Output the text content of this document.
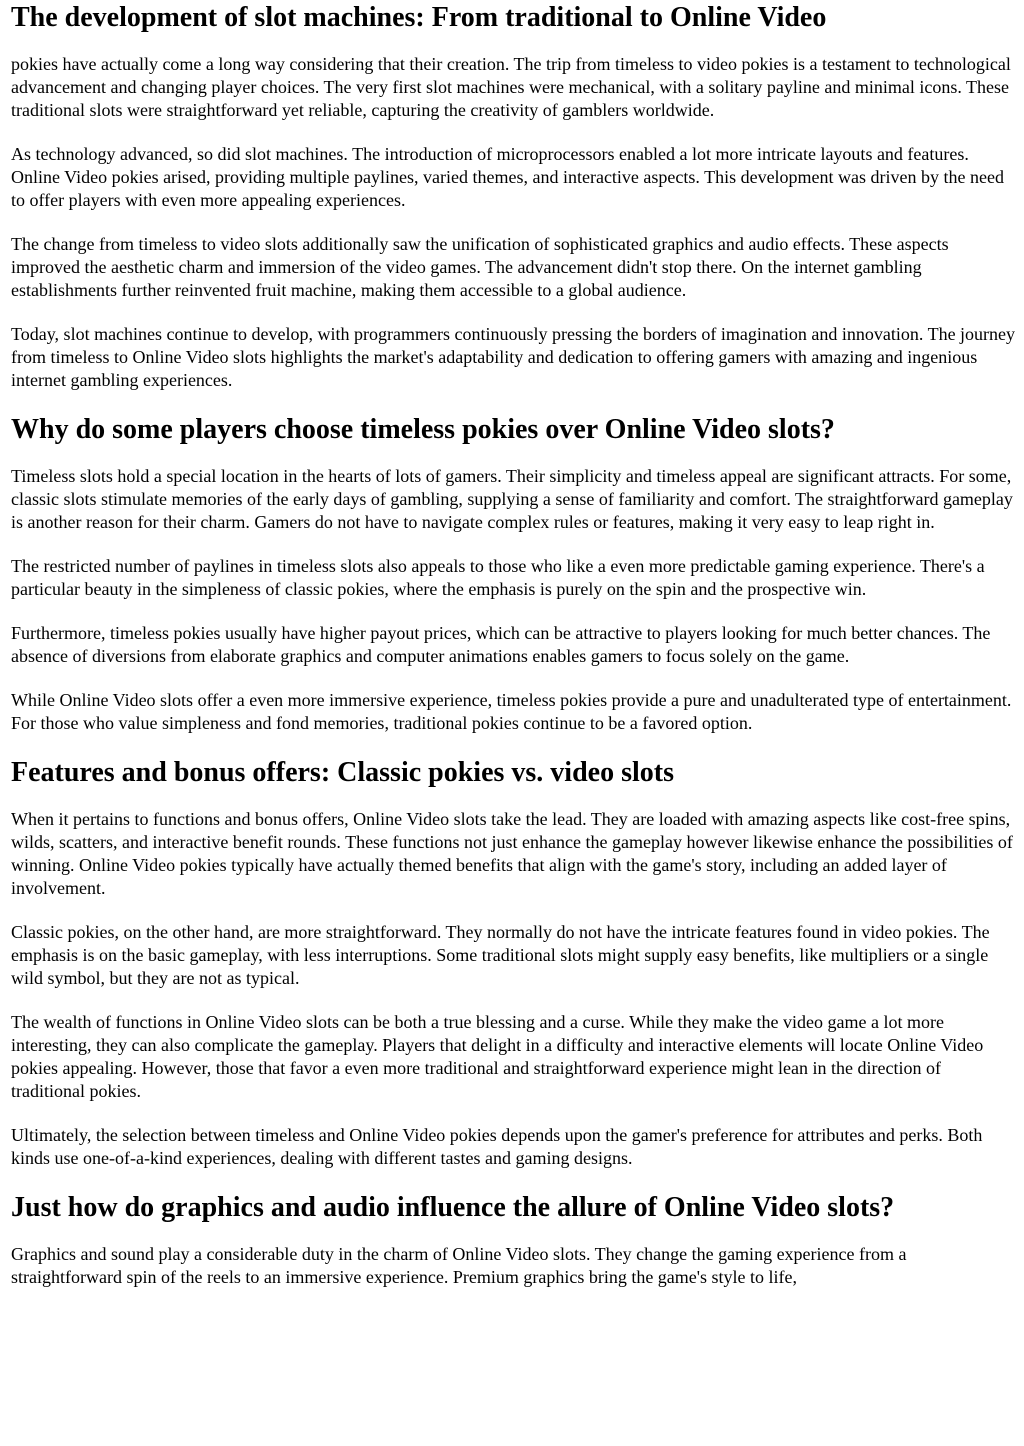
The development of slot machines: From traditional to Online Video

pokies have actually come a long way considering that their creation. The trip from timeless to video pokies is a testament to technological advancement and changing player choices. The very first slot machines were mechanical, with a solitary payline and minimal icons. These traditional slots were straightforward yet reliable, capturing the creativity of gamblers worldwide.

As technology advanced, so did slot machines. The introduction of microprocessors enabled a lot more intricate layouts and features. Online Video pokies arised, providing multiple paylines, varied themes, and interactive aspects. This development was driven by the need to offer players with even more appealing experiences.

The change from timeless to video slots additionally saw the unification of sophisticated graphics and audio effects. These aspects improved the aesthetic charm and immersion of the video games. The advancement didn't stop there. On the internet gambling establishments further reinvented fruit machine, making them accessible to a global audience.

Today, slot machines continue to develop, with programmers continuously pressing the borders of imagination and innovation. The journey from timeless to Online Video slots highlights the market's adaptability and dedication to offering gamers with amazing and ingenious internet gambling experiences.

Why do some players choose timeless pokies over Online Video slots?

Timeless slots hold a special location in the hearts of lots of gamers. Their simplicity and timeless appeal are significant attracts. For some, classic slots stimulate memories of the early days of gambling, supplying a sense of familiarity and comfort. The straightforward gameplay is another reason for their charm. Gamers do not have to navigate complex rules or features, making it very easy to leap right in.

The restricted number of paylines in timeless slots also appeals to those who like a even more predictable gaming experience. There's a particular beauty in the simpleness of classic pokies, where the emphasis is purely on the spin and the prospective win.

Furthermore, timeless pokies usually have higher payout prices, which can be attractive to players looking for much better chances. The absence of diversions from elaborate graphics and computer animations enables gamers to focus solely on the game.

While Online Video slots offer a even more immersive experience, timeless pokies provide a pure and unadulterated type of entertainment. For those who value simpleness and fond memories, traditional pokies continue to be a favored option.

Features and bonus offers: Classic pokies vs. video slots

When it pertains to functions and bonus offers, Online Video slots take the lead. They are loaded with amazing aspects like cost-free spins, wilds, scatters, and interactive benefit rounds. These functions not just enhance the gameplay however likewise enhance the possibilities of winning. Online Video pokies typically have actually themed benefits that align with the game's story, including an added layer of involvement.

Classic pokies, on the other hand, are more straightforward. They normally do not have the intricate features found in video pokies. The emphasis is on the basic gameplay, with less interruptions. Some traditional slots might supply easy benefits, like multipliers or a single wild symbol, but they are not as typical.

The wealth of functions in Online Video slots can be both a true blessing and a curse. While they make the video game a lot more interesting, they can also complicate the gameplay. Players that delight in a difficulty and interactive elements will locate Online Video pokies appealing. However, those that favor a even more traditional and straightforward experience might lean in the direction of traditional pokies.

Ultimately, the selection between timeless and Online Video pokies depends upon the gamer's preference for attributes and perks. Both kinds use one-of-a-kind experiences, dealing with different tastes and gaming designs.

Just how do graphics and audio influence the allure of Online Video slots?

Graphics and sound play a considerable duty in the charm of Online Video slots. They change the gaming experience from a straightforward spin of the reels to an immersive experience. Premium graphics bring the game's style to life,
